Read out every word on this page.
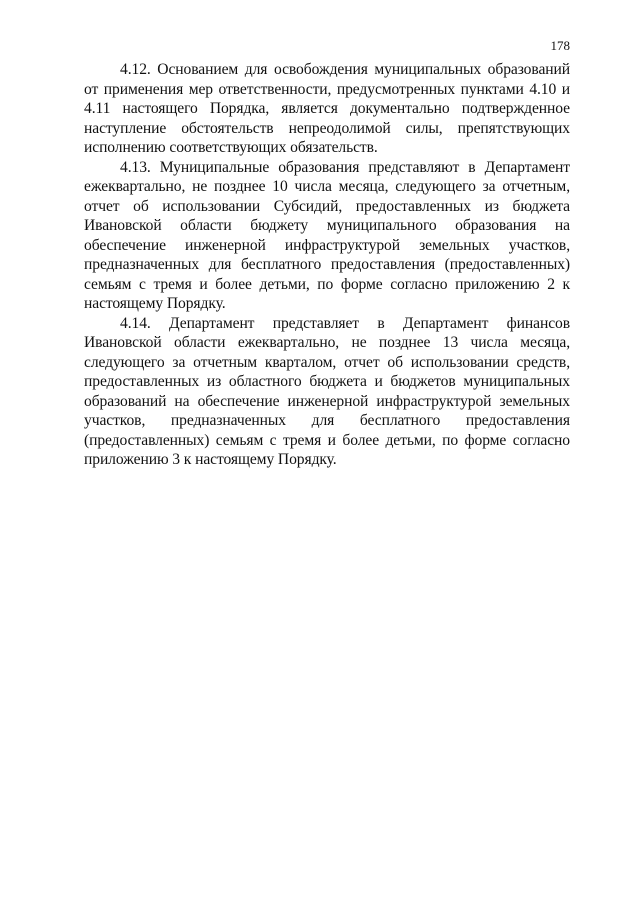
178

4.12. Основанием для освобождения муниципальных образований от применения мер ответственности, предусмотренных пунктами 4.10 и 4.11 настоящего Порядка, является документально подтвержденное наступление обстоятельств непреодолимой силы, препятствующих исполнению соответствующих обязательств.

4.13. Муниципальные образования представляют в Департамент ежеквартально, не позднее 10 числа месяца, следующего за отчетным, отчет об использовании Субсидий, предоставленных из бюджета Ивановской области бюджету муниципального образования на обеспечение инженерной инфраструктурой земельных участков, предназначенных для бесплатного предоставления (предоставленных) семьям с тремя и более детьми, по форме согласно приложению 2 к настоящему Порядку.

4.14. Департамент представляет в Департамент финансов Ивановской области ежеквартально, не позднее 13 числа месяца, следующего за отчетным кварталом, отчет об использовании средств, предоставленных из областного бюджета и бюджетов муниципальных образований на обеспечение инженерной инфраструктурой земельных участков, предназначенных для бесплатного предоставления (предоставленных) семьям с тремя и более детьми, по форме согласно приложению 3 к настоящему Порядку.
